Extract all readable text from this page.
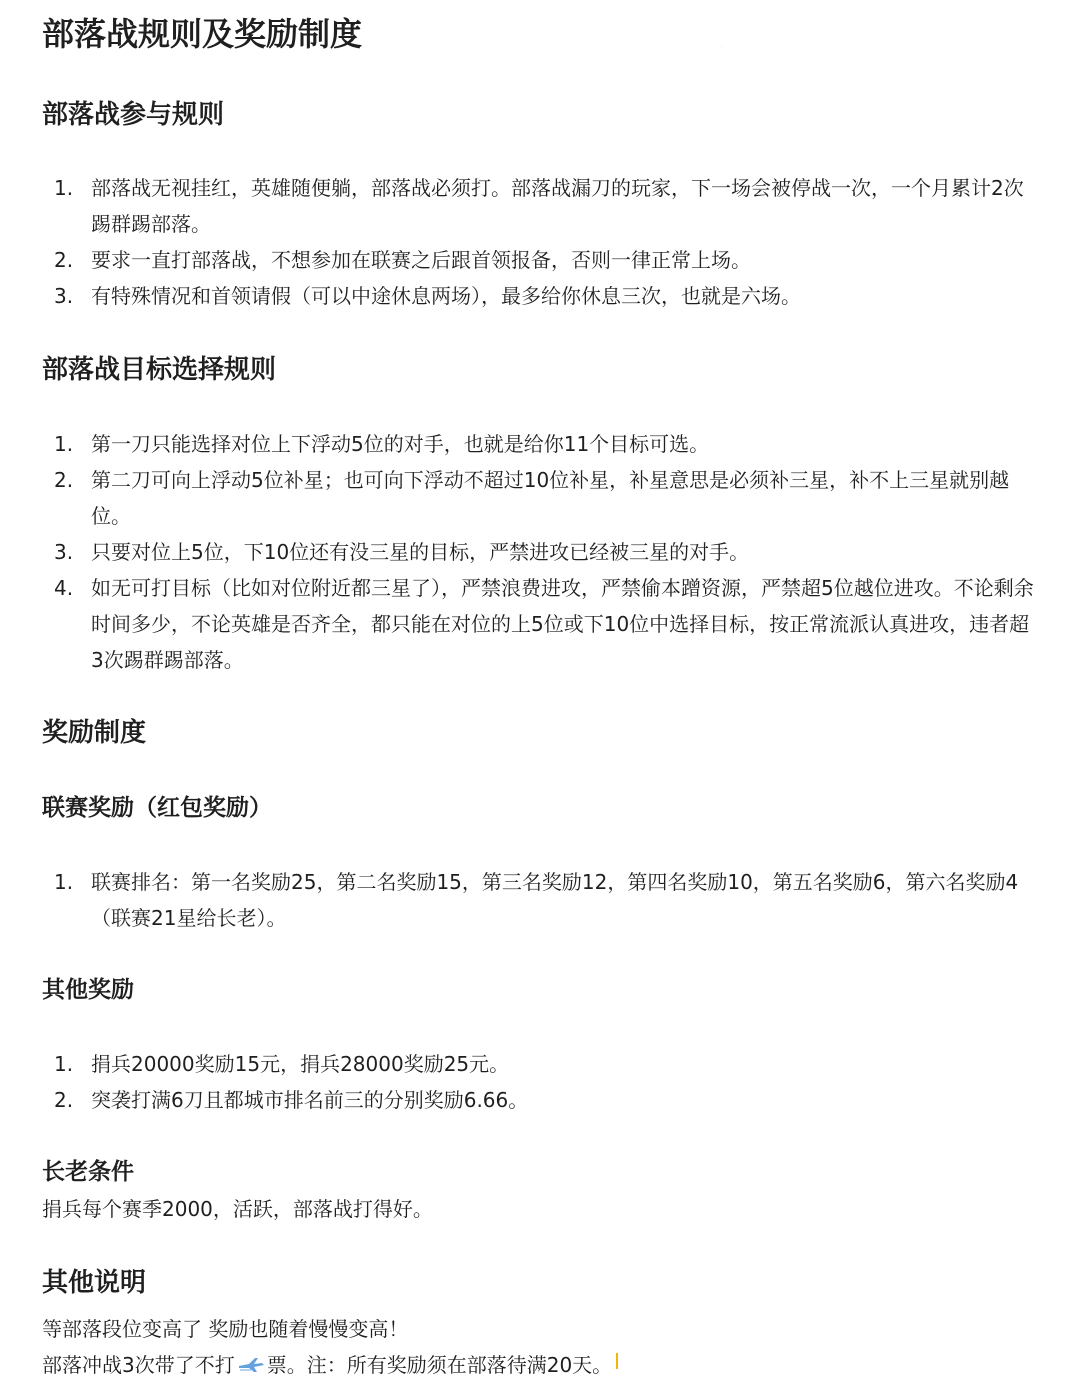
·
部落战规则及奖励制度
部落战参与规则
1. 部落战无视挂红，英雄随便躺，部落战必须打。部落战漏刀的玩家，下一场会被停战一次，一个月累计2次踢群踢部落。
2. 要求一直打部落战，不想参加在联赛之后跟首领报备，否则一律正常上场。
3. 有特殊情况和首领请假（可以中途休息两场），最多给你休息三次，也就是六场。
部落战目标选择规则
1. 第一刀只能选择对位上下浮动5位的对手，也就是给你11个目标可选。
2. 第二刀可向上浮动5位补星；也可向下浮动不超过10位补星，补星意思是必须补三星，补不上三星就别越位。
3. 只要对位上5位，下10位还有没三星的目标，严禁进攻已经被三星的对手。
4. 如无可打目标（比如对位附近都三星了），严禁浪费进攻，严禁偷本蹭资源，严禁超5位越位进攻。不论剩余时间多少，不论英雄是否齐全，都只能在对位的上5位或下10位中选择目标，按正常流派认真进攻，违者超3次踢群踢部落。
奖励制度
联赛奖励（红包奖励）
1. 联赛排名：第一名奖励25，第二名奖励15，第三名奖励12，第四名奖励10，第五名奖励6，第六名奖励4（联赛21星给长老）。
其他奖励
1. 捐兵20000奖励15元，捐兵28000奖励25元。
2. 突袭打满6刀且都城市排名前三的分别奖励6.66。
长老条件
捐兵每个赛季2000，活跃，部落战打得好。
其他说明
等部落段位变高了 奖励也随着慢慢变高！
部落冲战3次带了不打 票。注：所有奖励须在部落待满20天。
